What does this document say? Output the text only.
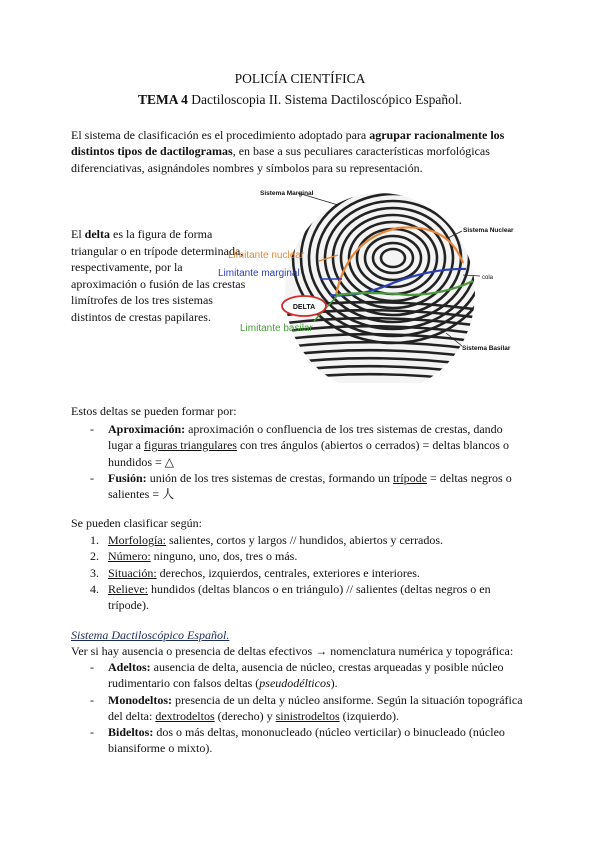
POLICÍA CIENTÍFICA
TEMA 4 Dactiloscopia II. Sistema Dactiloscópico Español.
El sistema de clasificación es el procedimiento adoptado para agrupar racionalmente los distintos tipos de dactilogramas, en base a sus peculiares características morfológicas diferenciativas, asignándoles nombres y símbolos para su representación.
El delta es la figura de forma triangular o en trípode determinada, respectivamente, por la aproximación o fusión de las crestas limítrofes de los tres sistemas distintos de crestas papilares.
DELTA
Sistema Marginal
Sistema Nuclear
cola
Sistema Basilar
Limitante nuclear
Limitante marginal
Limitante basilar
Estos deltas se pueden formar por:
- Aproximación: aproximación o confluencia de los tres sistemas de crestas, dando lugar a figuras triangulares con tres ángulos (abiertos o cerrados) = deltas blancos o hundidos = △
- Fusión: unión de los tres sistemas de crestas, formando un trípode = deltas negros o salientes = 人
Se pueden clasificar según:
1. Morfología: salientes, cortos y largos // hundidos, abiertos y cerrados.
2. Número: ninguno, uno, dos, tres o más.
3. Situación: derechos, izquierdos, centrales, exteriores e interiores.
4. Relieve: hundidos (deltas blancos o en triángulo) // salientes (deltas negros o en trípode).
Sistema Dactiloscópico Español.
Ver si hay ausencia o presencia de deltas efectivos → nomenclatura numérica y topográfica:
- Adeltos: ausencia de delta, ausencia de núcleo, crestas arqueadas y posible núcleo rudimentario con falsos deltas (pseudodélticos).
- Monodeltos: presencia de un delta y núcleo ansiforme. Según la situación topográfica del delta: dextrodeltos (derecho) y sinistrodeltos (izquierdo).
- Bideltos: dos o más deltas, mononucleado (núcleo verticilar) o binucleado (núcleo biansiforme o mixto).
